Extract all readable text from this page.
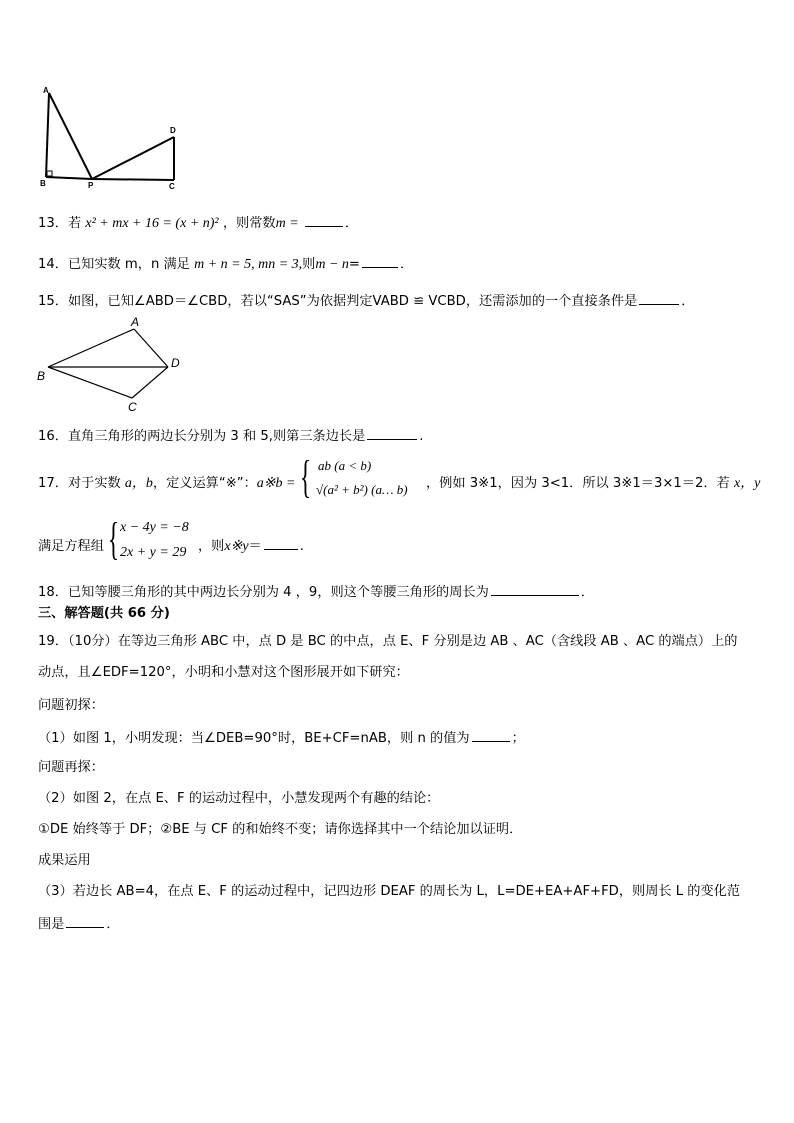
A
B	P	C
D
13．若 x² + mx + 16 = (x + n)² ，则常数m =	．
14．已知实数 m，n 满足 m + n = 5, mn = 3,则m − n=	．
15．如图，已知∠ABD＝∠CBD，若以“SAS”为依据判定VABD ≌ VCBD，还需添加的一个直接条件是	．
A
B
C
D
16．直角三角形的两边长分别为 3 和 5,则第三条边长是	.
17．对于实数 a，b，定义运算“※”：a※b = { ab (a < b)
√(a² + b²) (a… b) ，例如 3※1，因为 3<1．所以 3※1＝3×1＝2．若 x，y
满足方程组 { x − 4y = −8
2x + y = 29 ，则x※y＝	.
18．已知等腰三角形的其中两边长分别为 4 ，9，则这个等腰三角形的周长为	．
三、解答题(共 66 分)
19．（10分）在等边三角形 ABC 中，点 D 是 BC 的中点，点 E、F 分别是边 AB 、AC（含线段 AB 、AC 的端点）上的
动点，且∠EDF=120°，小明和小慧对这个图形展开如下研究：
问题初探：
（1）如图 1，小明发现：当∠DEB=90°时，BE+CF=nAB，则 n 的值为	；
问题再探：
（2）如图 2，在点 E、F 的运动过程中，小慧发现两个有趣的结论：
①DE 始终等于 DF；②BE 与 CF 的和始终不变；请你选择其中一个结论加以证明．
成果运用
（3）若边长 AB=4，在点 E、F 的运动过程中，记四边形 DEAF 的周长为 L，L=DE+EA+AF+FD，则周长 L 的变化范
围是	．
